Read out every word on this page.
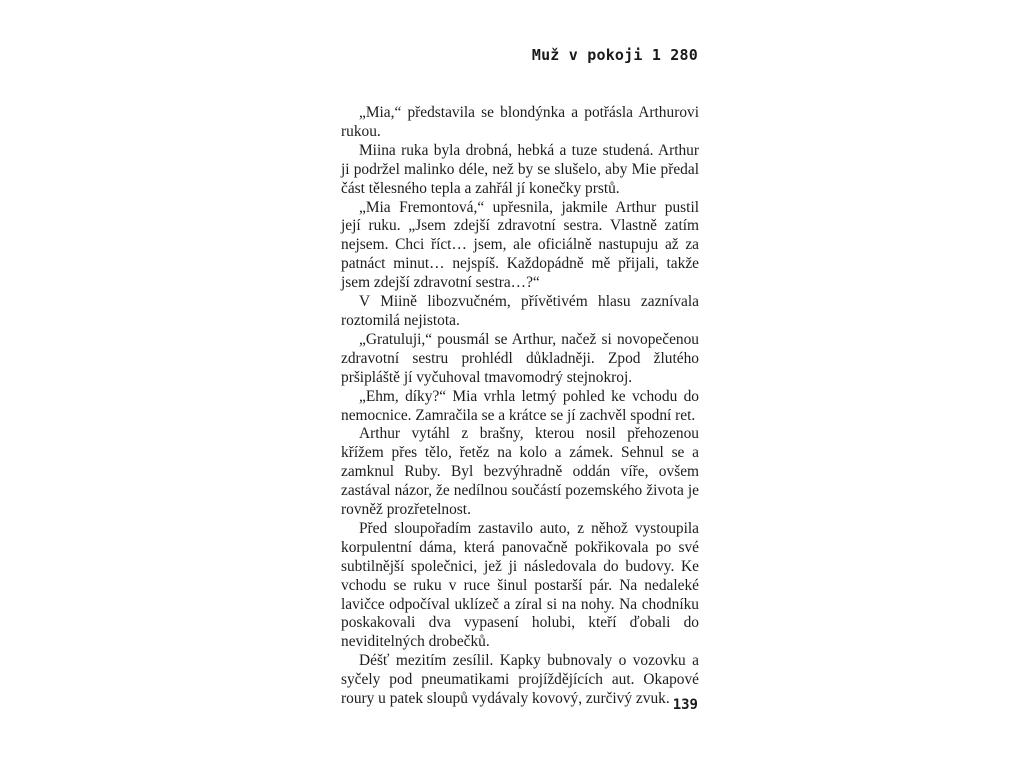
Muž v pokoji 1 280

„Mia,“ představila se blondýnka a potřásla Arthurovi rukou.

Miina ruka byla drobná, hebká a tuze studená. Arthur ji podržel malinko déle, než by se slušelo, aby Mie předal část tělesného tepla a zahřál jí konečky prstů.

„Mia Fremontová,“ upřesnila, jakmile Arthur pustil její ruku. „Jsem zdejší zdravotní sestra. Vlastně zatím nejsem. Chci říct… jsem, ale oficiálně nastupuju až za patnáct minut… nejspíš. Každopádně mě přijali, takže jsem zdejší zdravotní sestra…?“

V Miině libozvučném, přívětivém hlasu zaznívala roztomilá nejistota.

„Gratuluji,“ pousmál se Arthur, načež si novopečenou zdravotní sestru prohlédl důkladněji. Zpod žlutého pršipláště jí vyčuhoval tmavomodrý stejnokroj.

„Ehm, díky?“ Mia vrhla letmý pohled ke vchodu do nemocnice. Zamračila se a krátce se jí zachvěl spodní ret.

Arthur vytáhl z brašny, kterou nosil přehozenou křížem přes tělo, řetěz na kolo a zámek. Sehnul se a zamknul Ruby. Byl bezvýhradně oddán víře, ovšem zastával názor, že nedílnou součástí pozemského života je rovněž prozřetelnost.

Před sloupořadím zastavilo auto, z něhož vystoupila korpulentní dáma, která panovačně pokřikovala po své subtilnější společnici, jež ji následovala do budovy. Ke vchodu se ruku v ruce šinul postarší pár. Na nedaleké lavičce odpočíval uklízeč a zíral si na nohy. Na chodníku poskakovali dva vypasení holubi, kteří ďobali do neviditelných drobečků.

Déšť mezitím zesílil. Kapky bubnovaly o vozovku a syčely pod pneumatikami projíždějících aut. Okapové roury u patek sloupů vydávaly kovový, zurčivý zvuk. 139
